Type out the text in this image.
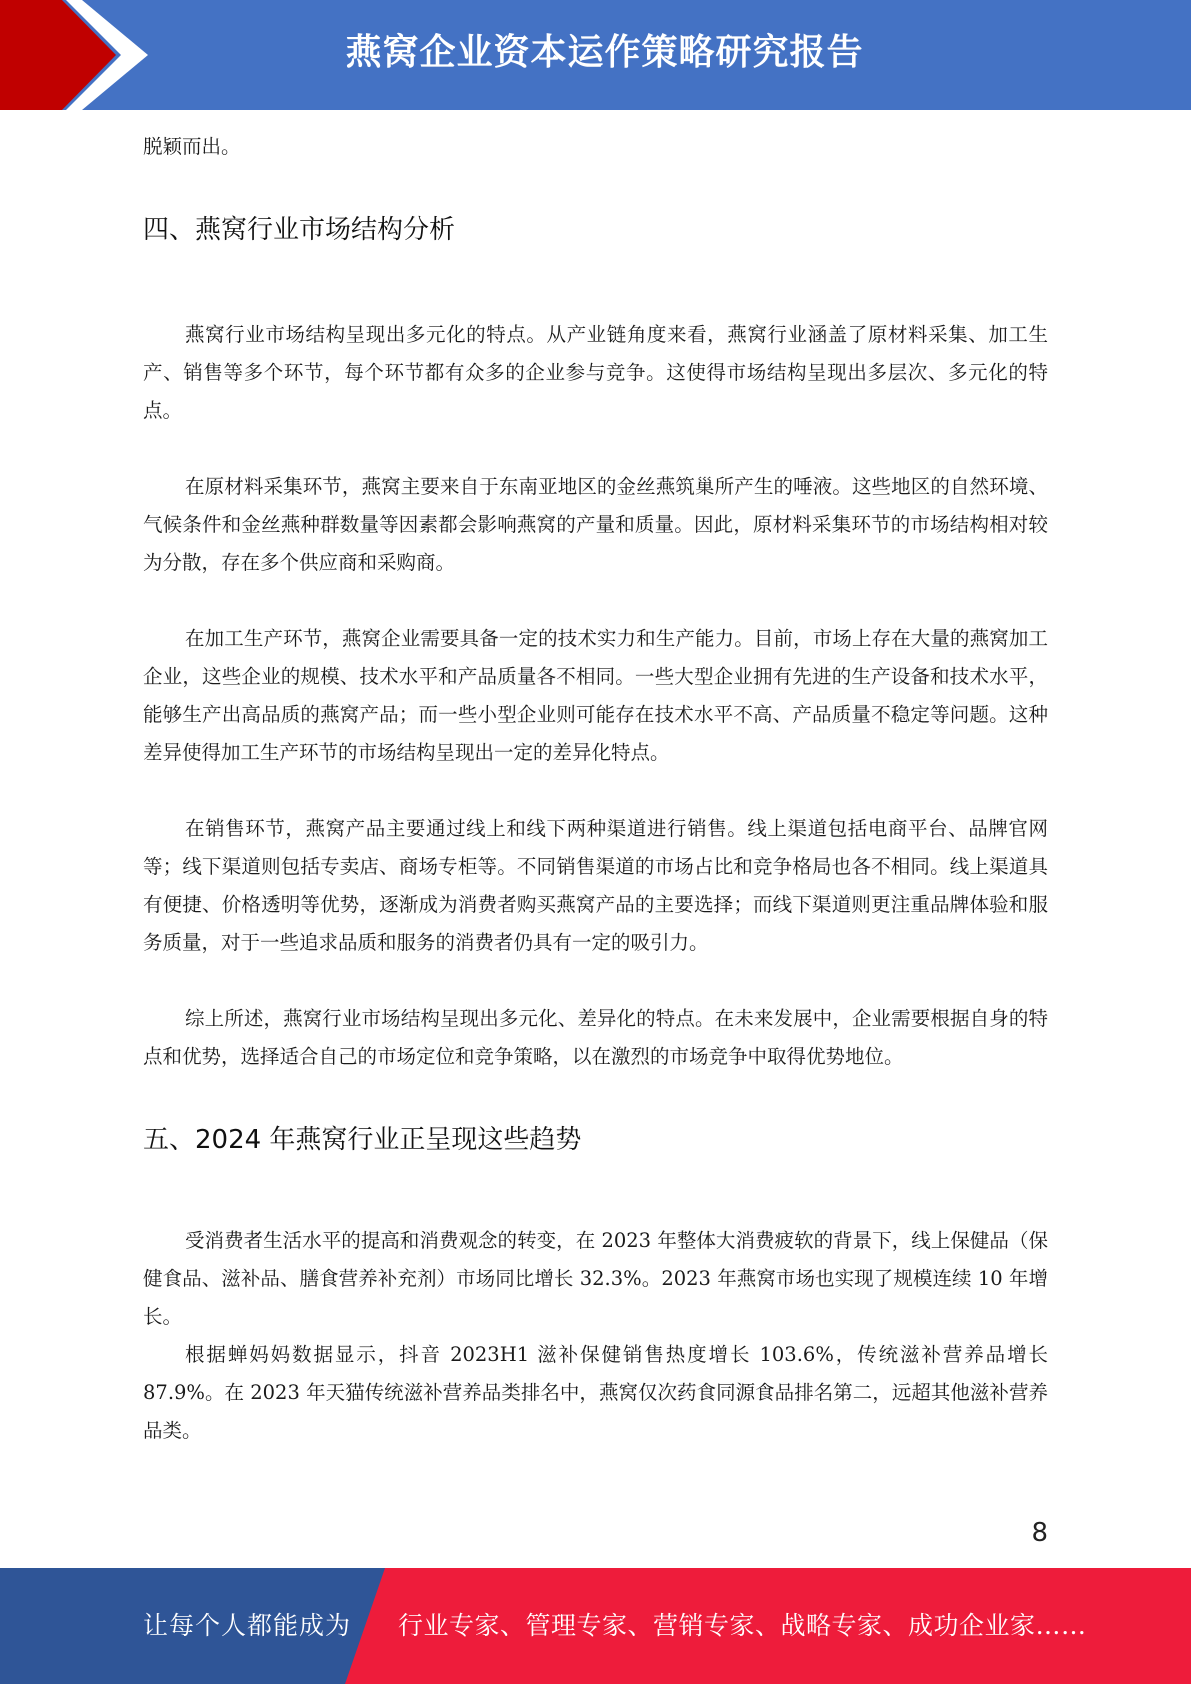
燕窝企业资本运作策略研究报告

脱颖而出。

四、燕窝行业市场结构分析

燕窝行业市场结构呈现出多元化的特点。从产业链角度来看，燕窝行业涵盖了原材料采集、加工生产、销售等多个环节，每个环节都有众多的企业参与竞争。这使得市场结构呈现出多层次、多元化的特点。

在原材料采集环节，燕窝主要来自于东南亚地区的金丝燕筑巢所产生的唾液。这些地区的自然环境、气候条件和金丝燕种群数量等因素都会影响燕窝的产量和质量。因此，原材料采集环节的市场结构相对较为分散，存在多个供应商和采购商。

在加工生产环节，燕窝企业需要具备一定的技术实力和生产能力。目前，市场上存在大量的燕窝加工企业，这些企业的规模、技术水平和产品质量各不相同。一些大型企业拥有先进的生产设备和技术水平，能够生产出高品质的燕窝产品；而一些小型企业则可能存在技术水平不高、产品质量不稳定等问题。这种差异使得加工生产环节的市场结构呈现出一定的差异化特点。

在销售环节，燕窝产品主要通过线上和线下两种渠道进行销售。线上渠道包括电商平台、品牌官网等；线下渠道则包括专卖店、商场专柜等。不同销售渠道的市场占比和竞争格局也各不相同。线上渠道具有便捷、价格透明等优势，逐渐成为消费者购买燕窝产品的主要选择；而线下渠道则更注重品牌体验和服务质量，对于一些追求品质和服务的消费者仍具有一定的吸引力。

综上所述，燕窝行业市场结构呈现出多元化、差异化的特点。在未来发展中，企业需要根据自身的特点和优势，选择适合自己的市场定位和竞争策略，以在激烈的市场竞争中取得优势地位。

五、2024 年燕窝行业正呈现这些趋势

受消费者生活水平的提高和消费观念的转变，在 2023 年整体大消费疲软的背景下，线上保健品（保健食品、滋补品、膳食营养补充剂）市场同比增长 32.3%。2023 年燕窝市场也实现了规模连续 10 年增长。

根据蝉妈妈数据显示，抖音 2023H1 滋补保健销售热度增长 103.6%，传统滋补营养品增长 87.9%。在 2023 年天猫传统滋补营养品类排名中，燕窝仅次药食同源食品排名第二，远超其他滋补营养品类。

8
让每个人都能成为 行业专家、管理专家、营销专家、战略专家、成功企业家……
